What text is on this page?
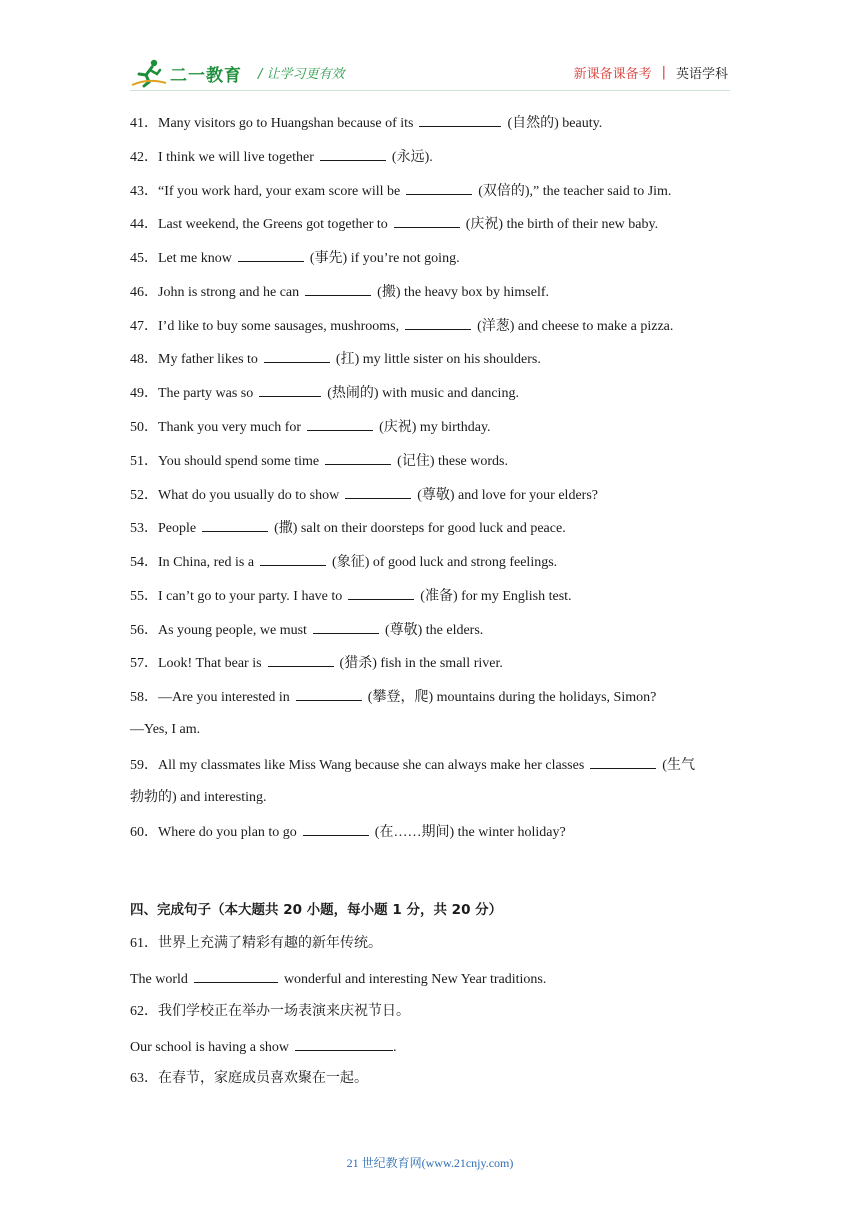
二一教育 / 让学习更有效	新课备课备考 | 英语学科
41．Many visitors go to Huangshan because of its	(自然的) beauty.
42．I think we will live together	(永远).
43．“If you work hard, your exam score will be	(双倍的),” the teacher said to Jim.
44．Last weekend, the Greens got together to	(庆祝) the birth of their new baby.
45．Let me know	(事先) if you’re not going.
46．John is strong and he can	(搬) the heavy box by himself.
47．I’d like to buy some sausages, mushrooms,	(洋葱) and cheese to make a pizza.
48．My father likes to	(扛) my little sister on his shoulders.
49．The party was so	(热闹的) with music and dancing.
50．Thank you very much for	(庆祝) my birthday.
51．You should spend some time	(记住) these words.
52．What do you usually do to show	(尊敬) and love for your elders?
53．People	(撒) salt on their doorsteps for good luck and peace.
54．In China, red is a	(象征) of good luck and strong feelings.
55．I can’t go to your party. I have to	(准备) for my English test.
56．As young people, we must	(尊敬) the elders.
57．Look! That bear is	(猎杀) fish in the small river.
58．—Are you interested in	(攀登，爬) mountains during the holidays, Simon?
—Yes, I am.
59．All my classmates like Miss Wang because she can always make her classes	(生气
勃勃的) and interesting.
60．Where do you plan to go	(在……期间) the winter holiday?
四、完成句子（本大题共 20 小题，每小题 1 分，共 20 分）
61．世界上充满了精彩有趣的新年传统。
The world	wonderful and interesting New Year traditions.
62．我们学校正在举办一场表演来庆祝节日。
Our school is having a show	.
63．在春节，家庭成员喜欢聚在一起。
21 世纪教育网(www.21cnjy.com)
